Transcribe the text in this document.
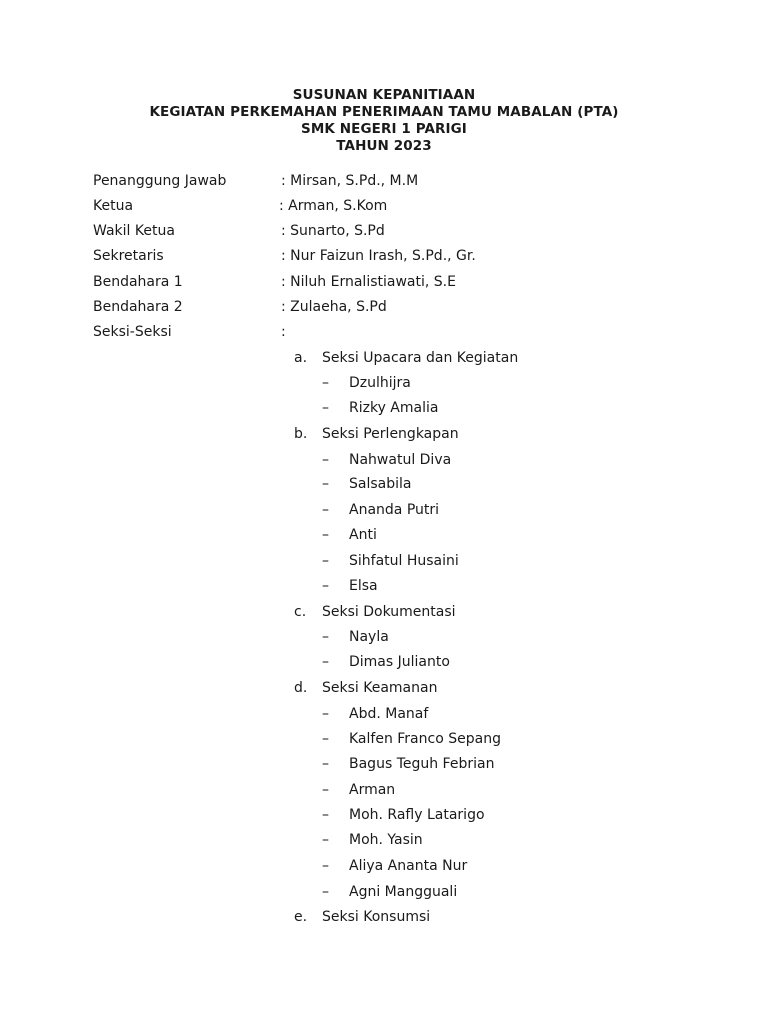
SUSUNAN KEPANITIAAN
KEGIATAN PERKEMAHAN PENERIMAAN TAMU MABALAN (PTA)
SMK NEGERI 1 PARIGI
TAHUN 2023
Penanggung Jawab	: Mirsan, S.Pd., M.M
Ketua	: Arman, S.Kom
Wakil Ketua	: Sunarto, S.Pd
Sekretaris	: Nur Faizun Irash, S.Pd., Gr.
Bendahara 1	: Niluh Ernalistiawati, S.E
Bendahara 2	: Zulaeha, S.Pd
Seksi-Seksi	:
a. Seksi Upacara dan Kegiatan
– Dzulhijra
– Rizky Amalia
b. Seksi Perlengkapan
– Nahwatul Diva
– Salsabila
– Ananda Putri
– Anti
– Sihfatul Husaini
– Elsa
c. Seksi Dokumentasi
– Nayla
– Dimas Julianto
d. Seksi Keamanan
– Abd. Manaf
– Kalfen Franco Sepang
– Bagus Teguh Febrian
– Arman
– Moh. Rafly Latarigo
– Moh. Yasin
– Aliya Ananta Nur
– Agni Mangguali
e. Seksi Konsumsi
